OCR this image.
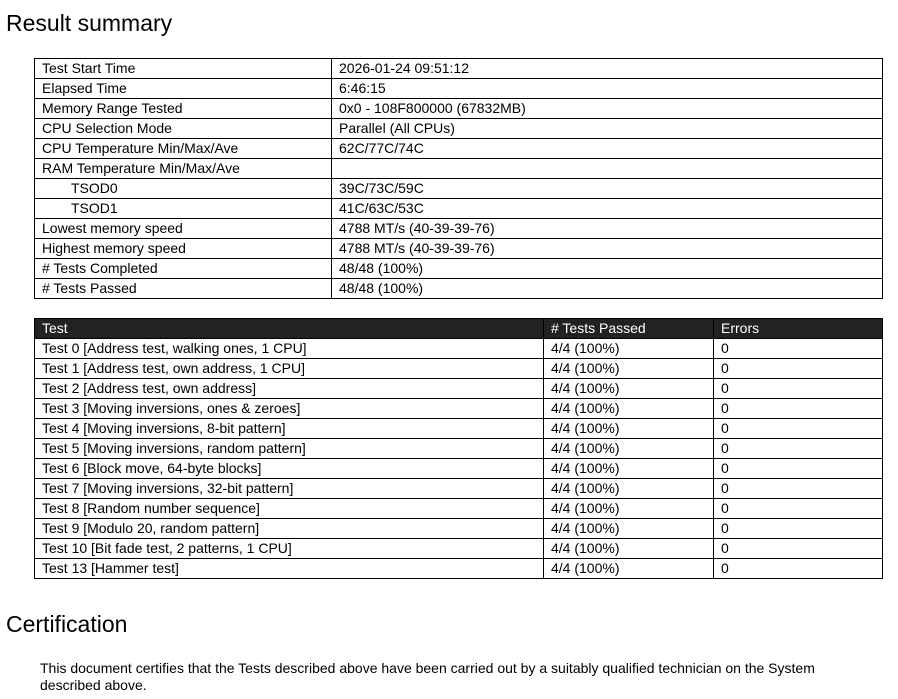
Result summary
Test Start Time	2026-01-24 09:51:12
Elapsed Time	6:46:15
Memory Range Tested	0x0 - 108F800000 (67832MB)
CPU Selection Mode	Parallel (All CPUs)
CPU Temperature Min/Max/Ave	62C/77C/74C
RAM Temperature Min/Max/Ave	
TSOD0	39C/73C/59C
TSOD1	41C/63C/53C
Lowest memory speed	4788 MT/s (40-39-39-76)
Highest memory speed	4788 MT/s (40-39-39-76)
# Tests Completed	48/48 (100%)
# Tests Passed	48/48 (100%)
Test	# Tests Passed	Errors
Test 0 [Address test, walking ones, 1 CPU]	4/4 (100%)	0
Test 1 [Address test, own address, 1 CPU]	4/4 (100%)	0
Test 2 [Address test, own address]	4/4 (100%)	0
Test 3 [Moving inversions, ones & zeroes]	4/4 (100%)	0
Test 4 [Moving inversions, 8-bit pattern]	4/4 (100%)	0
Test 5 [Moving inversions, random pattern]	4/4 (100%)	0
Test 6 [Block move, 64-byte blocks]	4/4 (100%)	0
Test 7 [Moving inversions, 32-bit pattern]	4/4 (100%)	0
Test 8 [Random number sequence]	4/4 (100%)	0
Test 9 [Modulo 20, random pattern]	4/4 (100%)	0
Test 10 [Bit fade test, 2 patterns, 1 CPU]	4/4 (100%)	0
Test 13 [Hammer test]	4/4 (100%)	0
Certification

This document certifies that the Tests described above have been carried out by a suitably qualified technician on the System described above.
